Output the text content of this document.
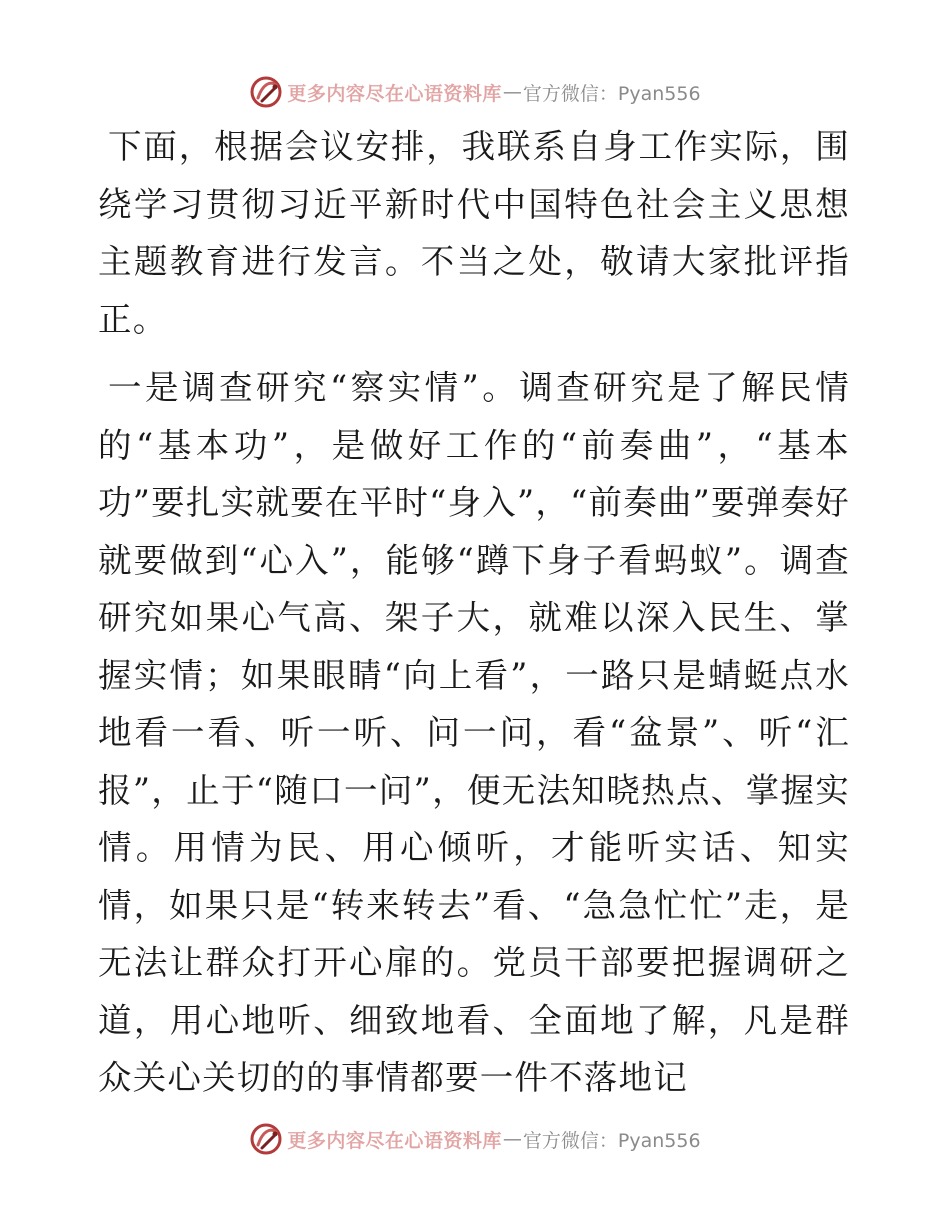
更多内容尽在心语资料库 — 官方微信：Pyan556

下面，根据会议安排，我联系自身工作实际，围绕学习贯彻习近平新时代中国特色社会主义思想主题教育进行发言。不当之处，敬请大家批评指正。

一是调查研究“察实情”。调查研究是了解民情的“基本功”，是做好工作的“前奏曲”，“基本功”要扎实就要在平时“身入”，“前奏曲”要弹奏好就要做到“心入”，能够“蹲下身子看蚂蚁”。调查研究如果心气高、架子大，就难以深入民生、掌握实情；如果眼睛“向上看”，一路只是蜻蜓点水地看一看、听一听、问一问，看“盆景”、听“汇报”，止于“随口一问”，便无法知晓热点、掌握实情。用情为民、用心倾听，才能听实话、知实情，如果只是“转来转去”看、“急急忙忙”走，是无法让群众打开心扉的。党员干部要把握调研之道，用心地听、细致地看、全面地了解，凡是群众关心关切的的事情都要一件不落地记

更多内容尽在心语资料库 — 官方微信：Pyan556
